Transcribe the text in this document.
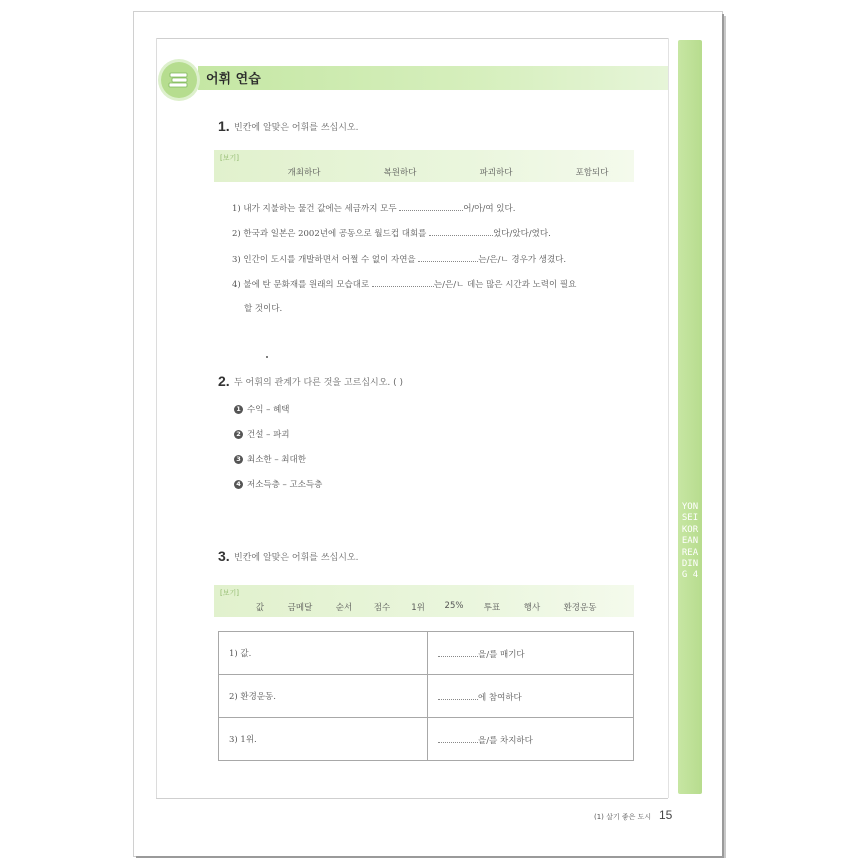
YONSEI KOREAN READING 4
어휘 연습
1. 빈칸에 알맞은 어휘를 쓰십시오.
[보기]
개최하다	복원하다	파괴하다	포함되다
1) 내가 지불하는 물건 값에는 세금까지 모두	어/아/여 있다.
2) 한국과 일본은 2002년에 공동으로 월드컵 대회를	었다/았다/였다.
3) 인간이 도시를 개발하면서 어쩔 수 없이 자연을	는/은/ㄴ 경우가 생겼다.
4) 불에 탄 문화재를 원래의 모습대로	는/은/ㄴ 데는 많은 시간과 노력이 필요
할 것이다.
2. 두 어휘의 관계가 다른 것을 고르십시오. ( )
1 수익 – 혜택
2 건설 – 파괴
3 최소한 – 최대한
4 저소득층 – 고소득층
3. 빈칸에 알맞은 어휘를 쓰십시오.
[보기]
값	금메달	순서	점수 1위 25% 투표	행사	환경운동
1) 값.	을/를 매기다
2) 환경운동.	에 참여하다
3) 1위.	을/를 차지하다
(1) 살기 좋은 도시 15
